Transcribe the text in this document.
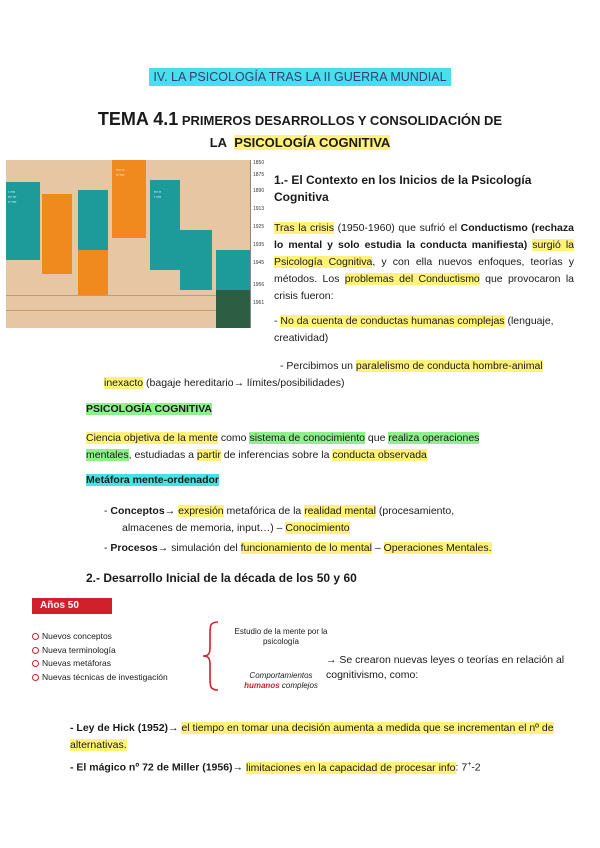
IV. LA PSICOLOGÍA TRAS LA II GUERRA MUNDIAL
TEMA 4.1 PRIMEROS DESARROLLOS Y CONSOLIDACIÓN DE
LA PSICOLOGÍA COGNITIVA
▪ ▪▪▪▪
▪▪▪ ▪▪▪
▪▪ ▪▪▪▪
▪▪▪▪ ▪▪
▪▪ ▪▪▪▪
▪▪▪ ▪▪
▪ ▪▪▪▪
1850
1875
1890
1913
1925
1935
1945
1956
1961
1.- El Contexto en los Inicios de la Psicología Cognitiva
Tras la crisis (1950-1960) que sufrió el Conductismo (rechaza lo mental y solo estudia la conducta manifiesta) surgió la Psicología Cognitiva, y con ella nuevos enfoques, teorías y métodos. Los problemas del Conductismo que provocaron la crisis fueron:
- No da cuenta de conductas humanas complejas (lenguaje, creatividad)
- Percibimos un paralelismo de conducta hombre-animal
inexacto (bagaje hereditario→ límites/posibilidades)
PSICOLOGÍA COGNITIVA
Ciencia objetiva de la mente como sistema de conocimiento que realiza operaciones mentales, estudiadas a partir de inferencias sobre la conducta observada
Metáfora mente-ordenador
- Conceptos→ expresión metafórica de la realidad mental (procesamiento,
almacenes de memoria, input…) – Conocimiento
- Procesos→ simulación del funcionamiento de lo mental – Operaciones Mentales.
2.- Desarrollo Inicial de la década de los 50 y 60
Años 50
Nuevos conceptos
Nueva terminología
Nuevas metáforas
Nuevas técnicas de investigación
Estudio de la mente por la psicología
Comportamientos
humanos complejos
→ Se crearon nuevas leyes o teorías en relación al cognitivismo, como:
- Ley de Hick (1952)→ el tiempo en tomar una decisión aumenta a medida que se incrementan el nº de alternativas.
- El mágico nº 72 de Miller (1956)→ limitaciones en la capacidad de procesar info: 7+-2
